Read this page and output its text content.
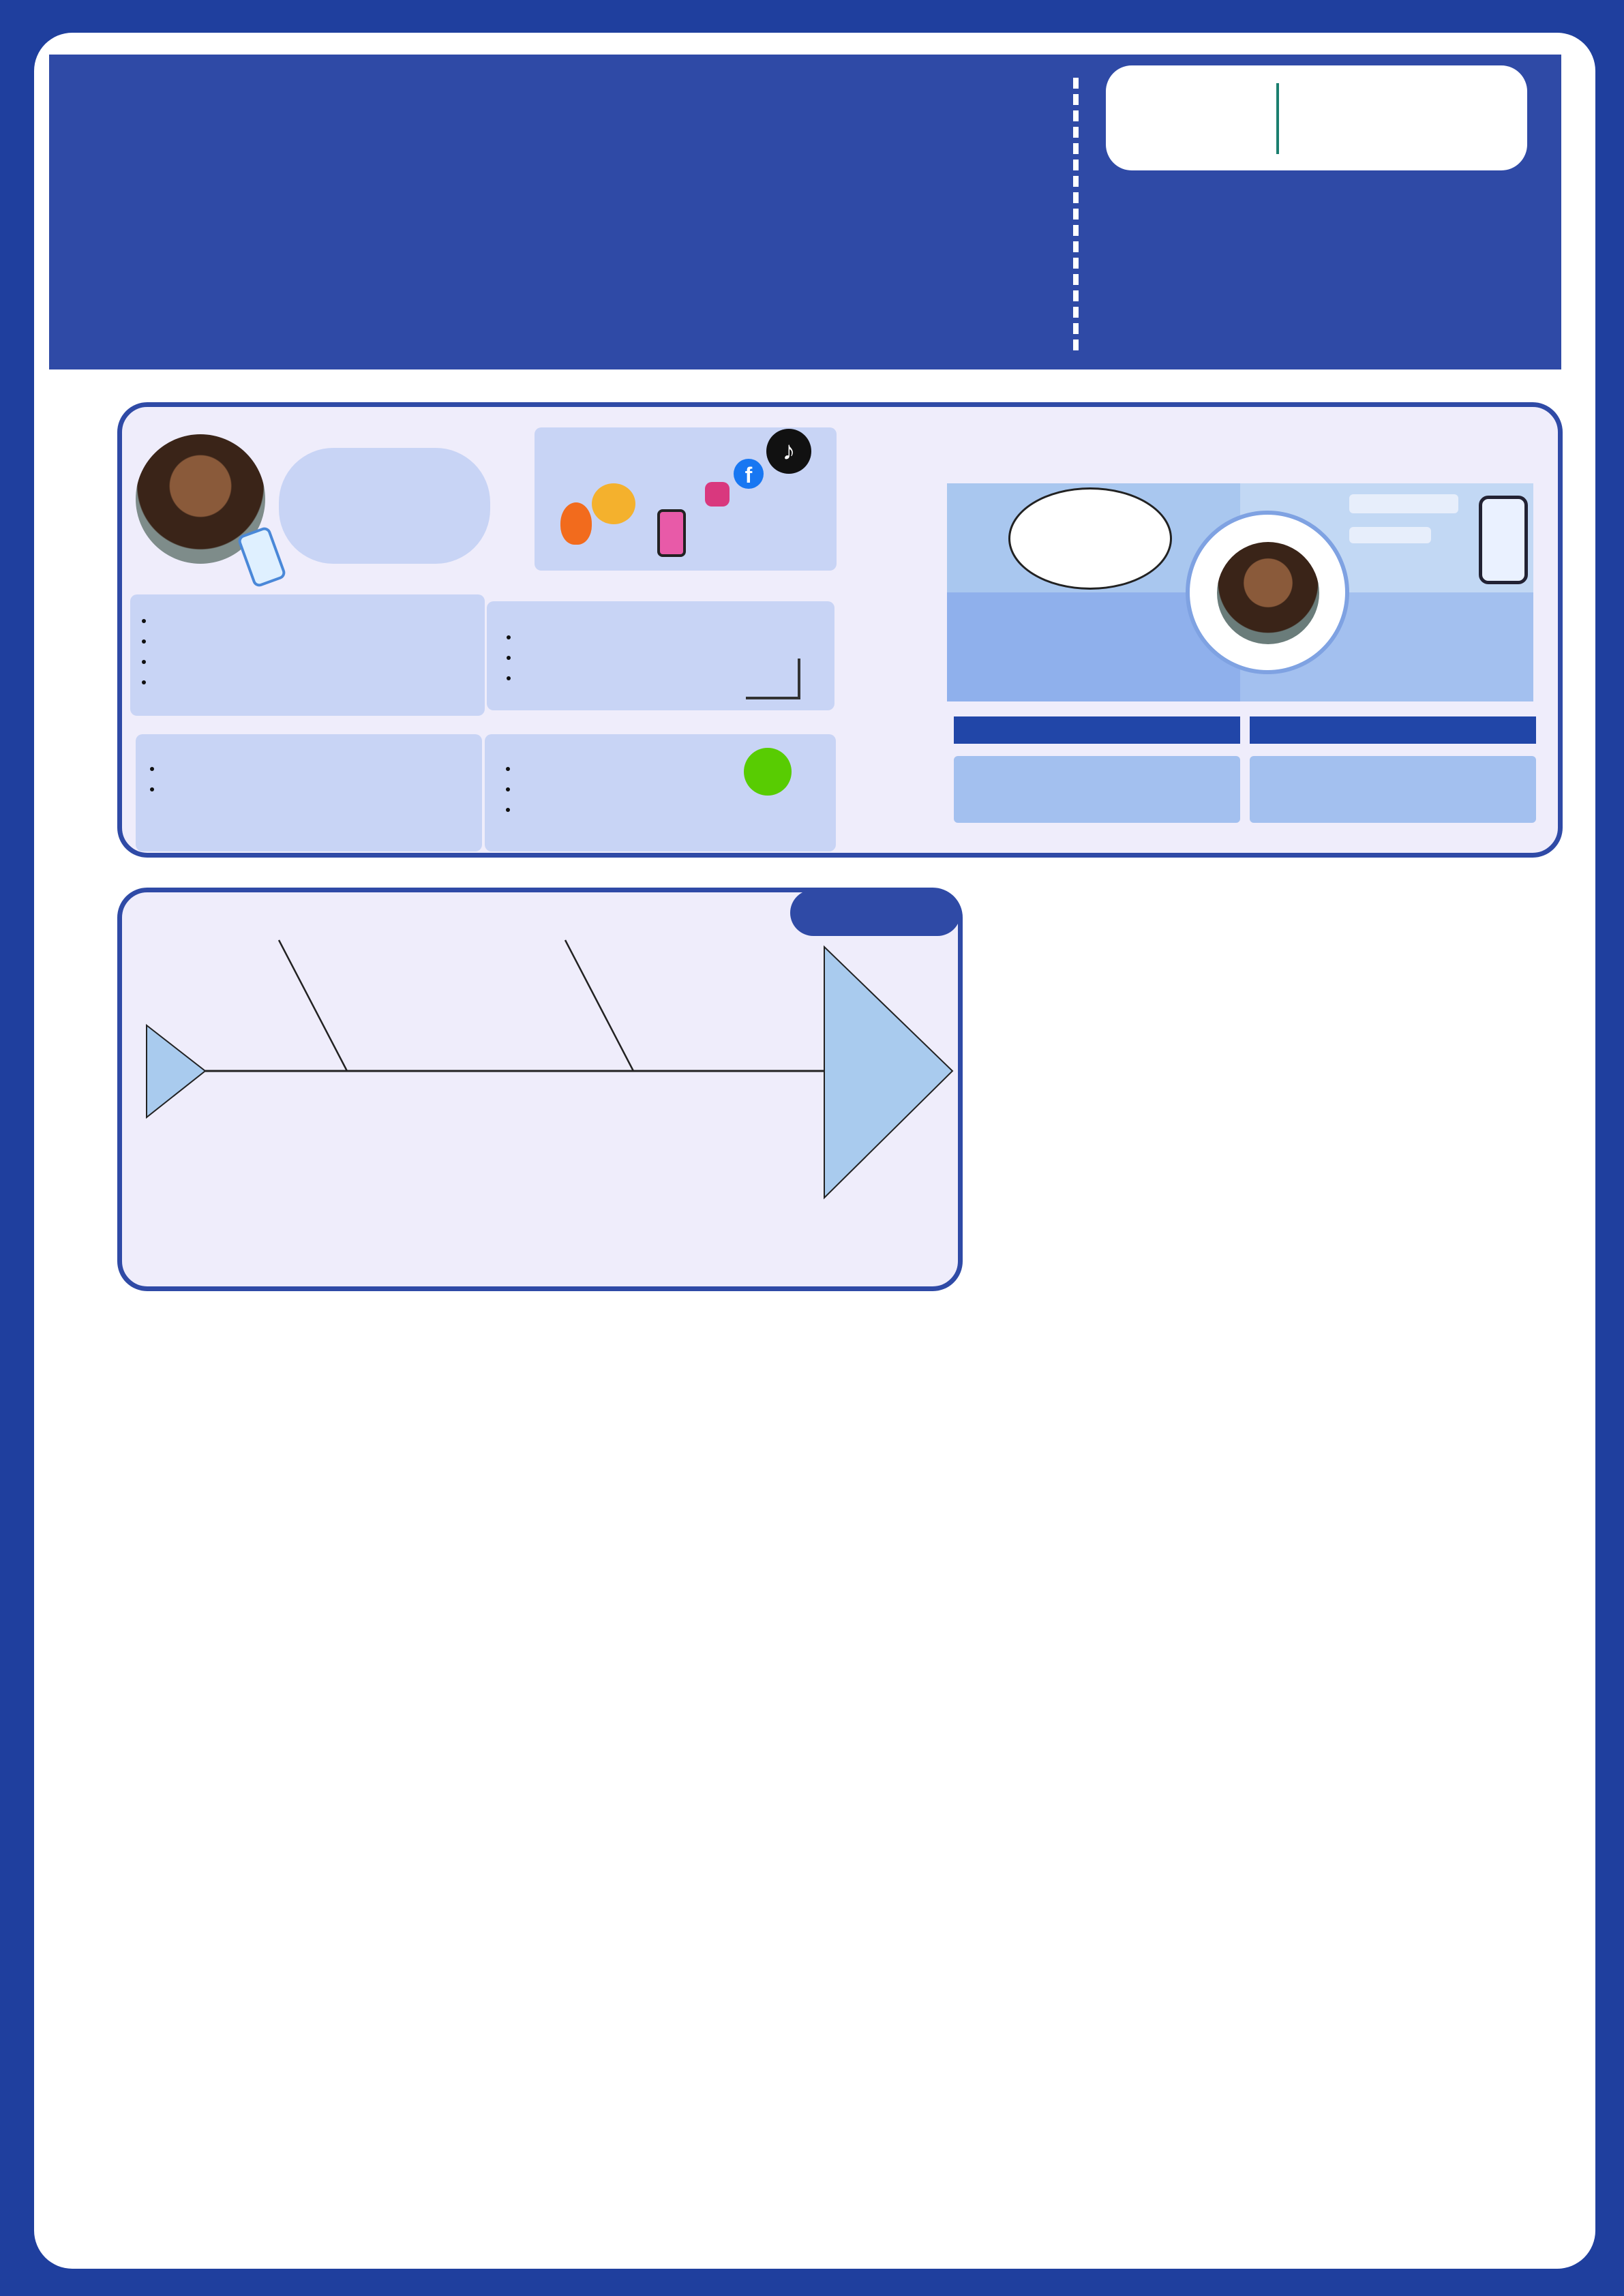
f
♪
•
•
•
•
•
•
•
•
•
•
•
•
